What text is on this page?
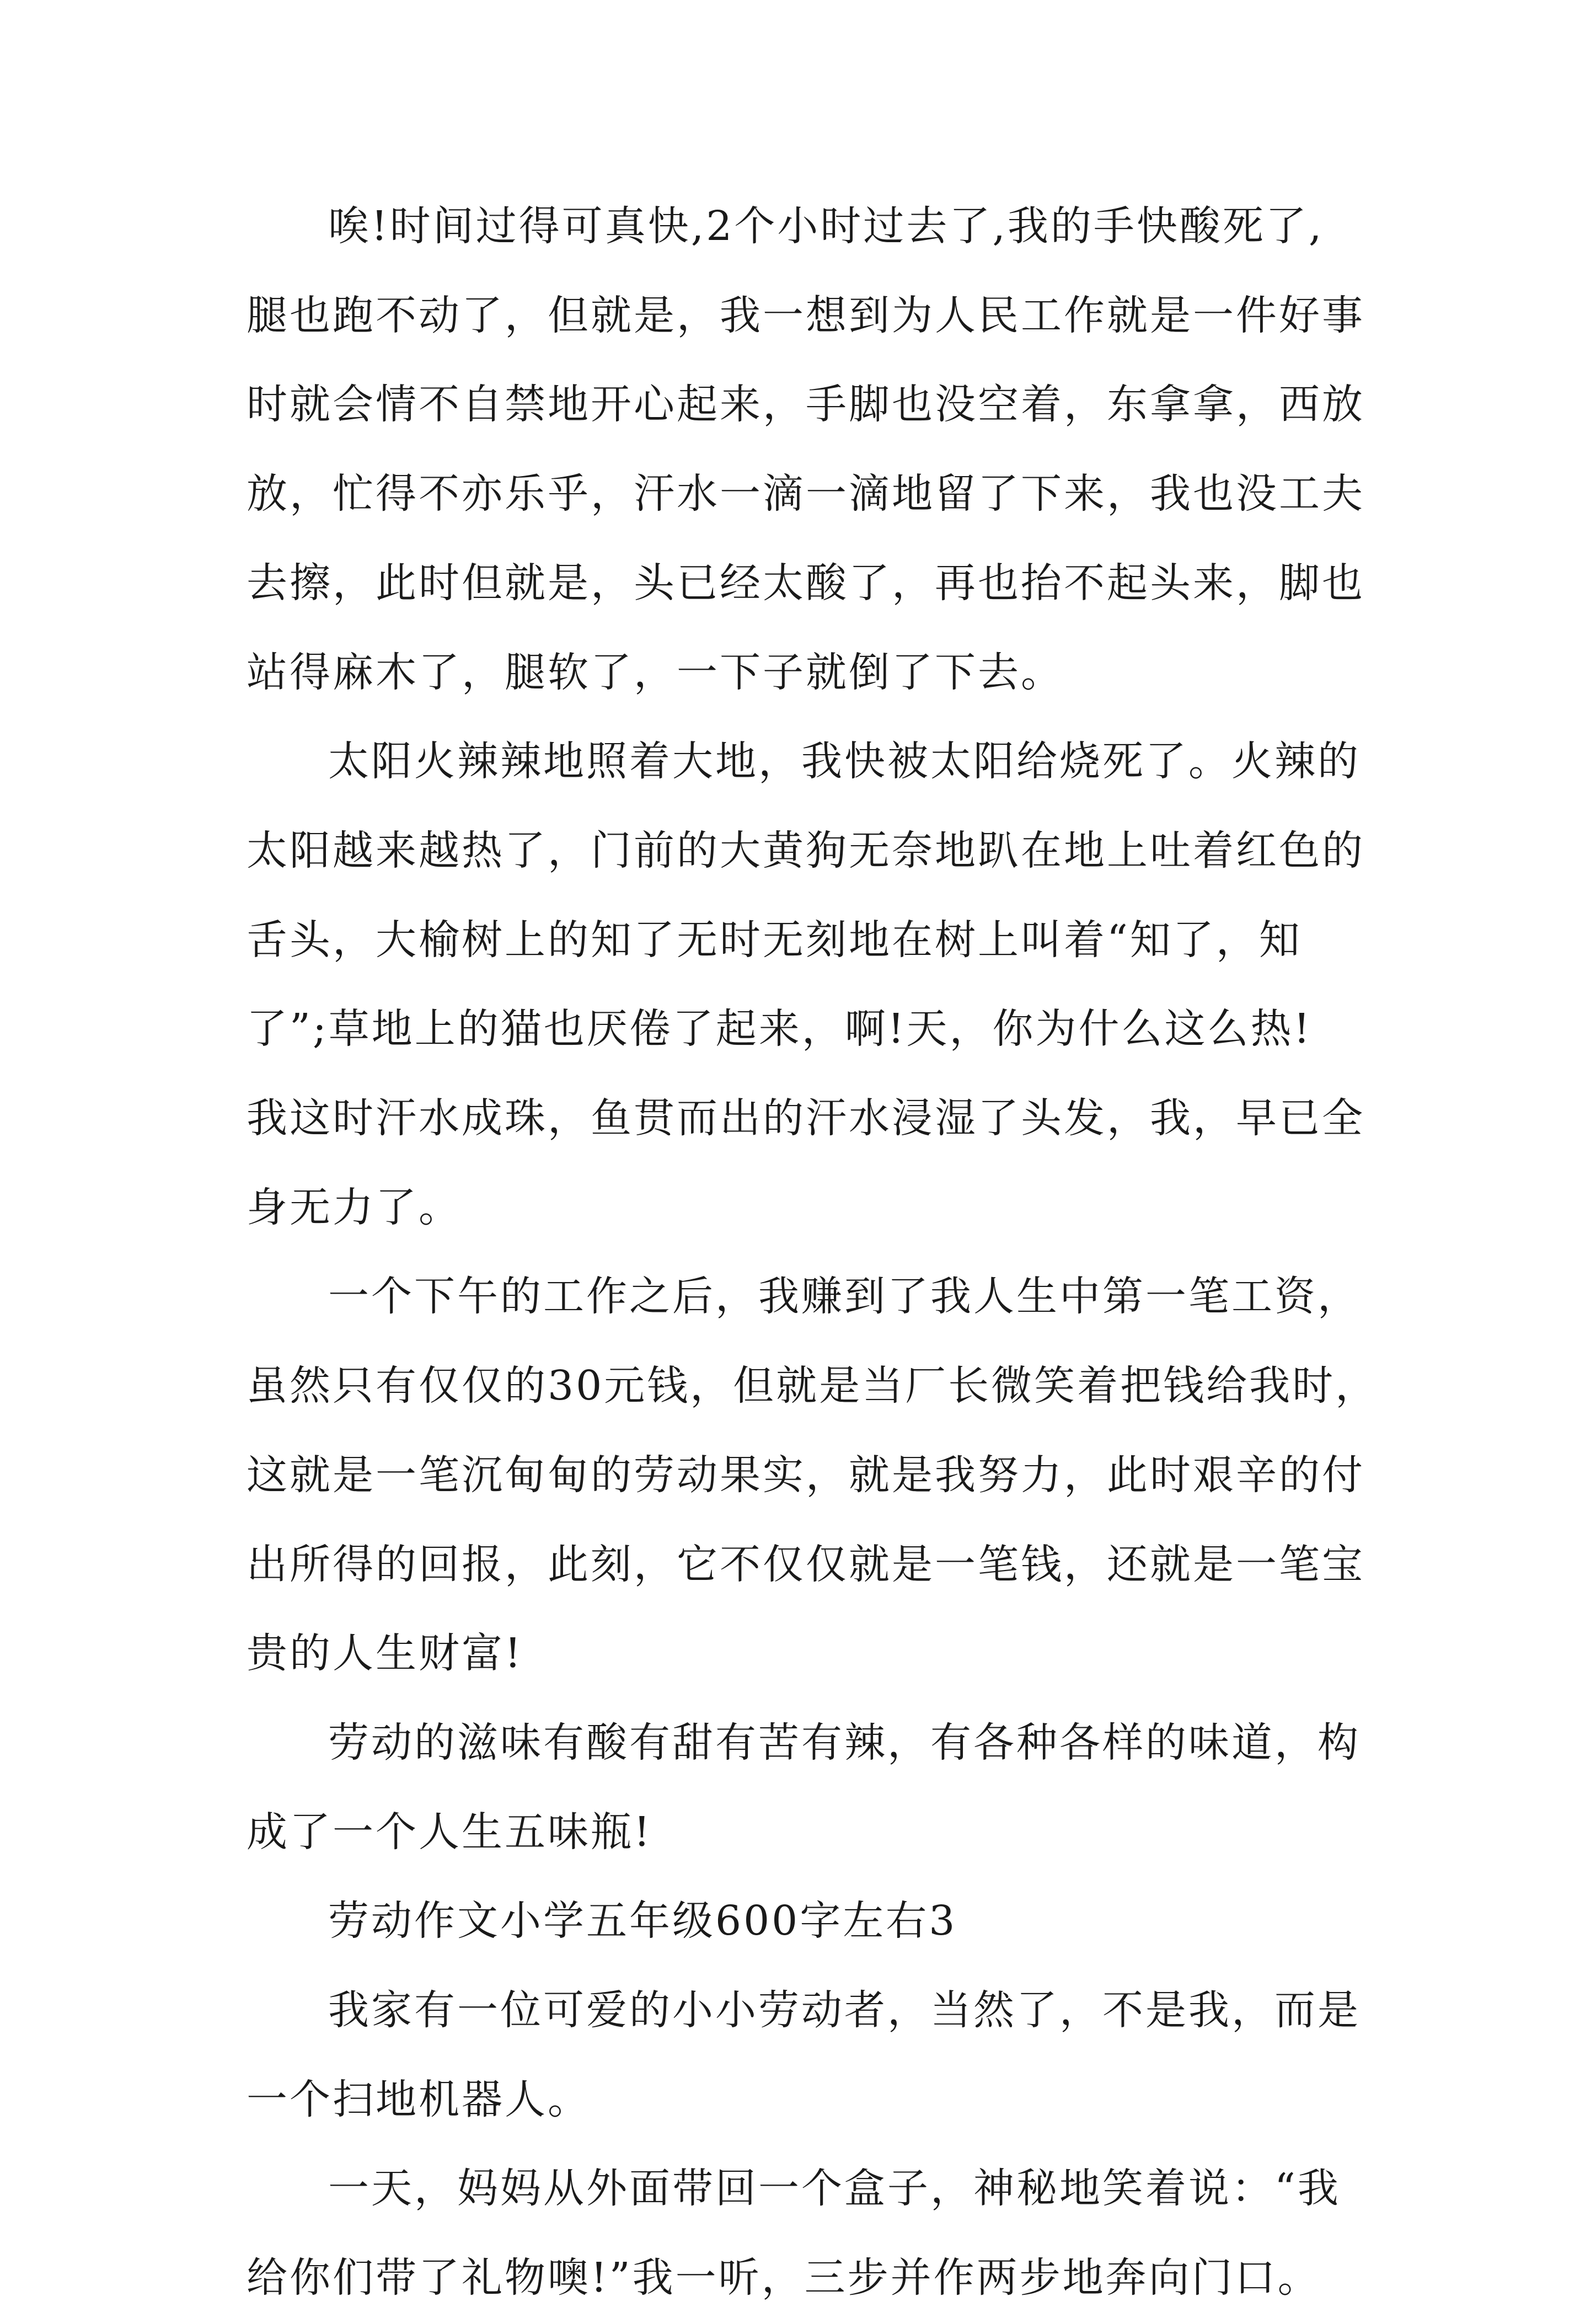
唉!时间过得可真快,2个小时过去了,我的手快酸死了,
腿也跑不动了，但就是，我一想到为人民工作就是一件好事
时就会情不自禁地开心起来，手脚也没空着，东拿拿，西放
放，忙得不亦乐乎，汗水一滴一滴地留了下来，我也没工夫
去擦，此时但就是，头已经太酸了，再也抬不起头来，脚也
站得麻木了，腿软了，一下子就倒了下去。
太阳火辣辣地照着大地，我快被太阳给烧死了。火辣的
太阳越来越热了，门前的大黄狗无奈地趴在地上吐着红色的
舌头，大榆树上的知了无时无刻地在树上叫着“知了，知
了”;草地上的猫也厌倦了起来，啊!天，你为什么这么热!
我这时汗水成珠，鱼贯而出的汗水浸湿了头发，我，早已全
身无力了。
一个下午的工作之后，我赚到了我人生中第一笔工资，
虽然只有仅仅的30元钱，但就是当厂长微笑着把钱给我时，
这就是一笔沉甸甸的劳动果实，就是我努力，此时艰辛的付
出所得的回报，此刻，它不仅仅就是一笔钱，还就是一笔宝
贵的人生财富!
劳动的滋味有酸有甜有苦有辣，有各种各样的味道，构
成了一个人生五味瓶!
劳动作文小学五年级600字左右3
我家有一位可爱的小小劳动者，当然了，不是我，而是
一个扫地机器人。
一天，妈妈从外面带回一个盒子，神秘地笑着说：“我
给你们带了礼物噢!”我一听，三步并作两步地奔向门口。
